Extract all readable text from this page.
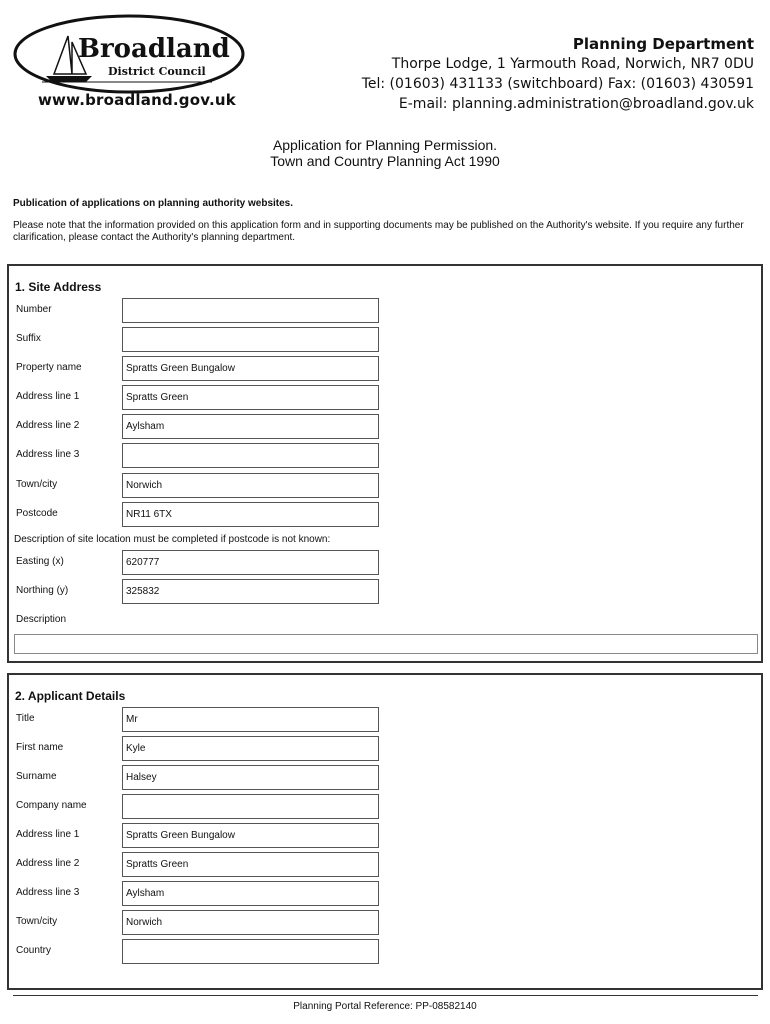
Broadland
District Council
www.broadland.gov.uk
Planning Department
Thorpe Lodge, 1 Yarmouth Road, Norwich, NR7 0DU
Tel: (01603) 431133 (switchboard) Fax: (01603) 430591
E-mail: planning.administration@broadland.gov.uk
Application for Planning Permission.
Town and Country Planning Act 1990
Publication of applications on planning authority websites.
Please note that the information provided on this application form and in supporting documents may be published on the Authority's website. If you require any further clarification, please contact the Authority's planning department.
1. Site Address
Number
Suffix
Property name	Spratts Green Bungalow
Address line 1	Spratts Green
Address line 2	Aylsham
Address line 3
Town/city	Norwich
Postcode	NR11 6TX
Description of site location must be completed if postcode is not known:
Easting (x)	620777
Northing (y)	325832
Description
2. Applicant Details
Title	Mr
First name	Kyle
Surname	Halsey
Company name
Address line 1	Spratts Green Bungalow
Address line 2	Spratts Green
Address line 3	Aylsham
Town/city	Norwich
Country
Planning Portal Reference: PP-08582140
